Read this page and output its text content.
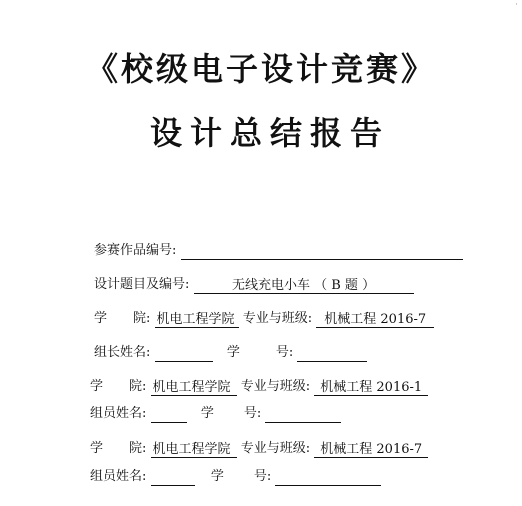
·
《校级电子设计竞赛》
设计总结报告
参赛作品编号:
设计题目及编号:	无线充电小车 （ B 题 ）
学 院: 机电工程学院 专业与班级: 机械工程 2016-7
组长姓名:	学	号:
学 院: 机电工程学院 专业与班级: 机械工程 2016-1
组员姓名:	学 号:
学 院: 机电工程学院 专业与班级: 机械工程 2016-7
组员姓名:	学 号:
